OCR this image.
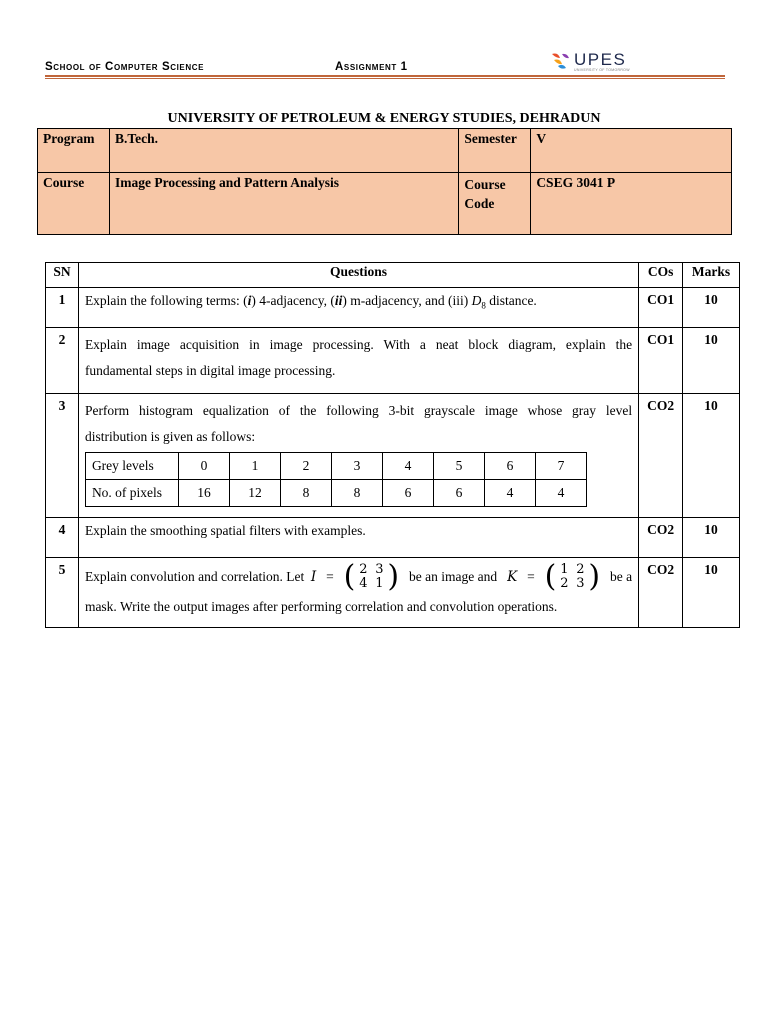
School of Computer Science	Assignment 1	UPES
UNIVERSITY OF TOMORROW
UNIVERSITY OF PETROLEUM & ENERGY STUDIES, DEHRADUN
Program	B.Tech.	Semester	V
Course	Image Processing and Pattern Analysis	Course Code	CSEG 3041 P
SN	Questions	COs	Marks
1	Explain the following terms: (i) 4-adjacency, (ii) m-adjacency, and (iii) $D_8$ distance.	CO1	10
2	Explain image acquisition in image processing. With a neat block diagram, explain the
fundamental steps in digital image processing.
	CO1	10
3	Perform histogram equalization of the following 3-bit grayscale image whose gray level
distribution is given as follows:
Grey levels	0	1	2	3	4	5	6	7
No. of pixels	16	12	8	8	6	6	4	4
	CO2	10
4	Explain the smoothing spatial filters with examples.	CO2	10
5	Explain convolution and correlation. Let I = ( 2 3
4 1 ) be an image and K = ( 1 2
2 3 ) be a
mask. Write the output images after performing correlation and convolution operations.
	CO2	10
